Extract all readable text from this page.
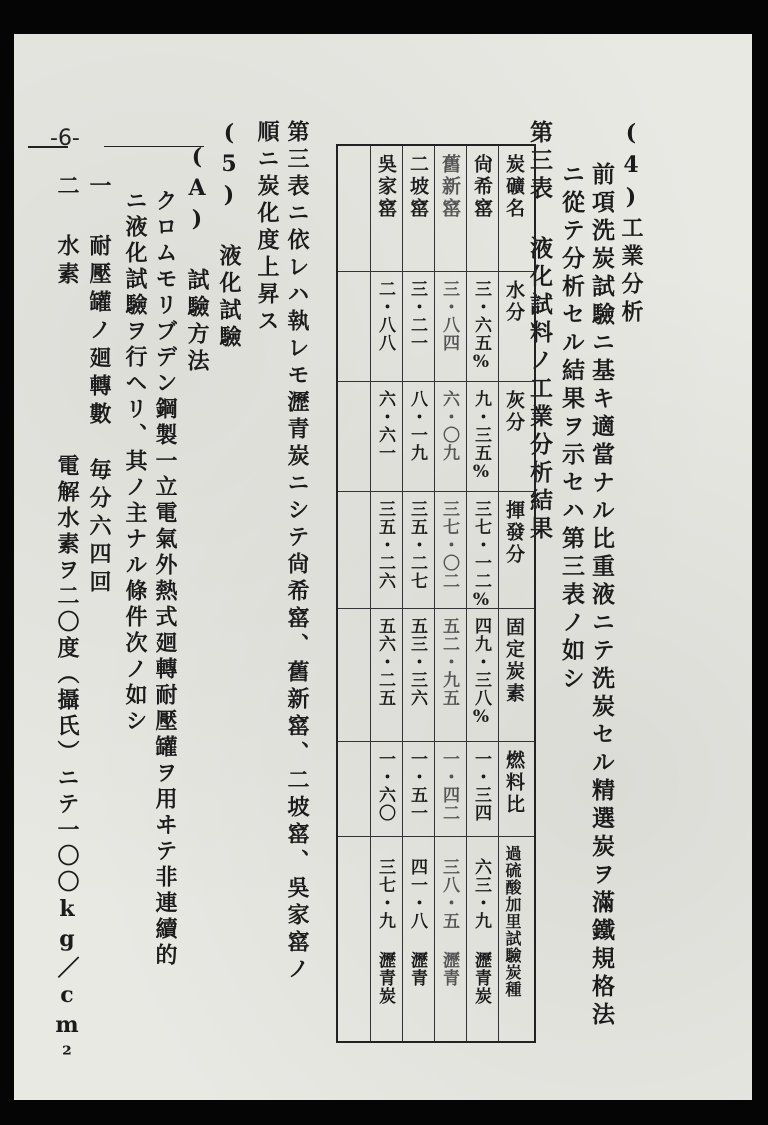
-6-	(4)工業分析
前項洗炭試驗ニ基キ適當ナル比重液ニテ洗炭セル精選炭ヲ滿鐵規格法
ニ從テ分析セル結果ヲ示セハ第三表ノ如シ
第三表 液化試料ノ工業分析結果
炭礦名
水分
灰分
揮發分
固定炭素
燃料比
過硫酸加里試驗炭種
尙希窰
三・六五%
九・三五%
三七・一二%
四九・三八%
一・三四
六三・九 瀝青炭
舊新窰
三・八四
六・〇九
三七・〇二
五二・九五
一・四二
三八・五 瀝青
二坡窰
三・二一
八・一九
三五・二七
五三・三六
一・五一
四一・八 瀝青
吳家窰
二・八八
六・六一
三五・二六
五六・二五
一・六〇
三七・九 瀝青炭
第三表ニ依レハ執レモ瀝青炭ニシテ尙希窰、舊新窰、二坡窰、吳家窰ノ
順ニ炭化度上昇ス
(5) 液化試驗
(A) 試驗方法
クロムモリブデン鋼製一立電氣外熱式廻轉耐壓罐ヲ用ヰテ非連續的
ニ液化試驗ヲ行ヘリ、其ノ主ナル條件次ノ如シ
一 耐壓罐ノ廻轉數　毎分六四回
二 水素
電解水素ヲ二〇度（攝氏）ニテ一〇〇kg／cm²
